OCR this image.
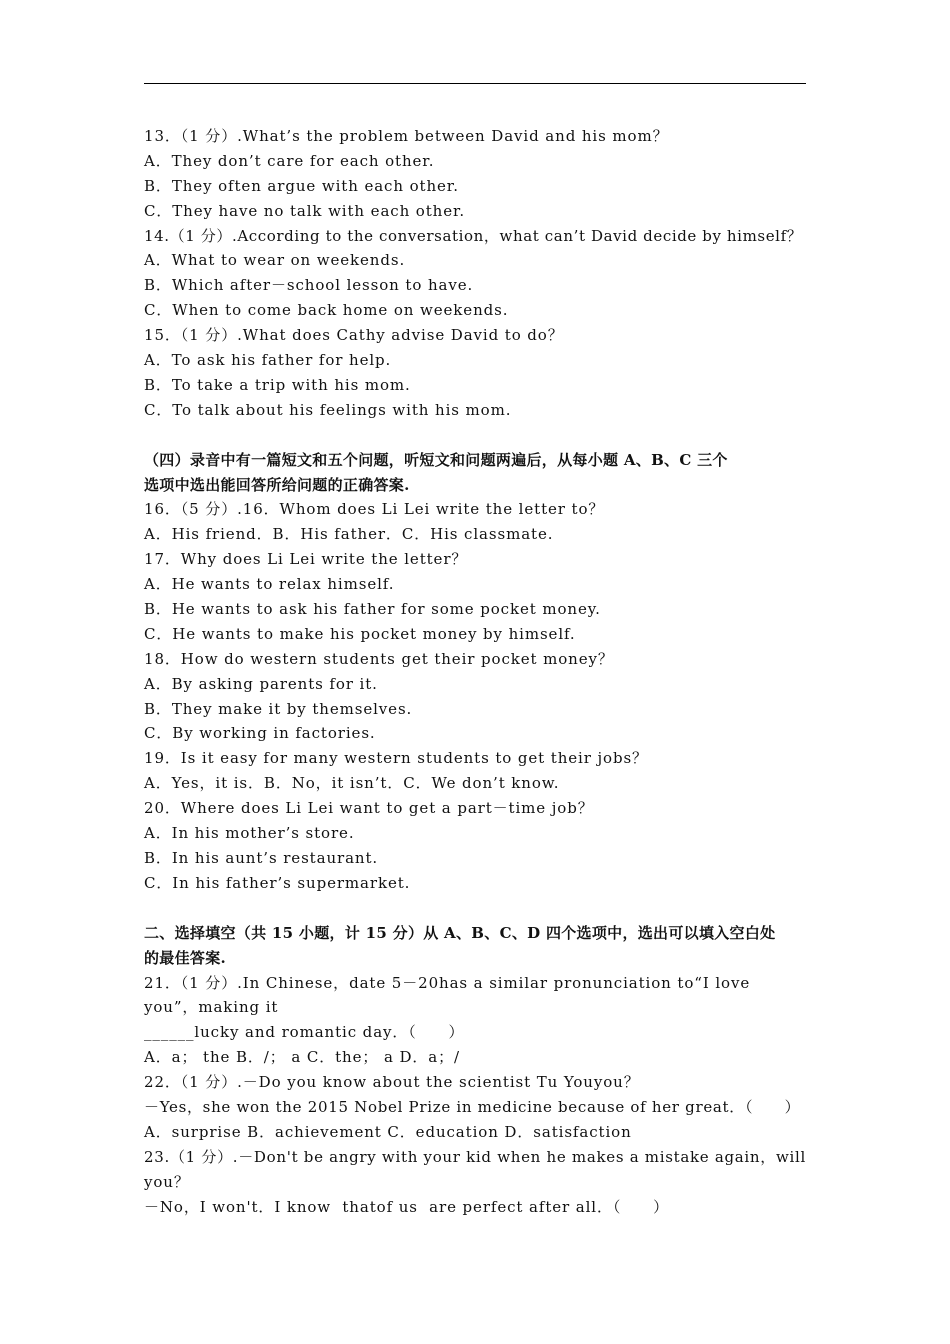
13．（1 分）.What’s the problem between David and his mom？
A．They don’t care for each other.
B．They often argue with each other.
C．They have no talk with each other.
14.（1 分）.According to the conversation，what can’t David decide by himself？
A．What to wear on weekends.
B．Which after－school lesson to have.
C．When to come back home on weekends.
15．（1 分）.What does Cathy advise David to do？
A．To ask his father for help.
B．To take a trip with his mom.
C．To talk about his feelings with his mom.
（四）录音中有一篇短文和五个问题，听短文和问题两遍后，从每小题 A、B、C 三个
选项中选出能回答所给问题的正确答案.
16．（5 分）.16．Whom does Li Lei write the letter to？
A．His friend．B．His father．C．His classmate.
17．Why does Li Lei write the letter？
A．He wants to relax himself.
B．He wants to ask his father for some pocket money.
C．He wants to make his pocket money by himself.
18．How do western students get their pocket money？
A．By asking parents for it.
B．They make it by themselves.
C．By working in factories.
19．Is it easy for many western students to get their jobs？
A．Yes，it is．B．No，it isn’t．C．We don’t know.
20．Where does Li Lei want to get a part－time job？
A．In his mother’s store.
B．In his aunt’s restaurant.
C．In his father’s supermarket.
二、选择填空（共 15 小题，计 15 分）从 A、B、C、D 四个选项中，选出可以填入空白处
的最佳答案.
21．（1 分）.In Chinese，date 5－20has a similar pronunciation to“I love
you”，making it
______lucky and romantic day．（　　）
A．a； the B．/； a C．the； a D．a；/
22．（1 分）.－Do you know about the scientist Tu Youyou？
－Yes，she won the 2015 Nobel Prize in medicine because of her great．（　　）
A．surprise B．achievement C．education D．satisfaction
23.（1 分）.－Don't be angry with your kid when he makes a mistake again，will
you？
－No，I won't．I know  thatof us  are perfect after all．（　　）
